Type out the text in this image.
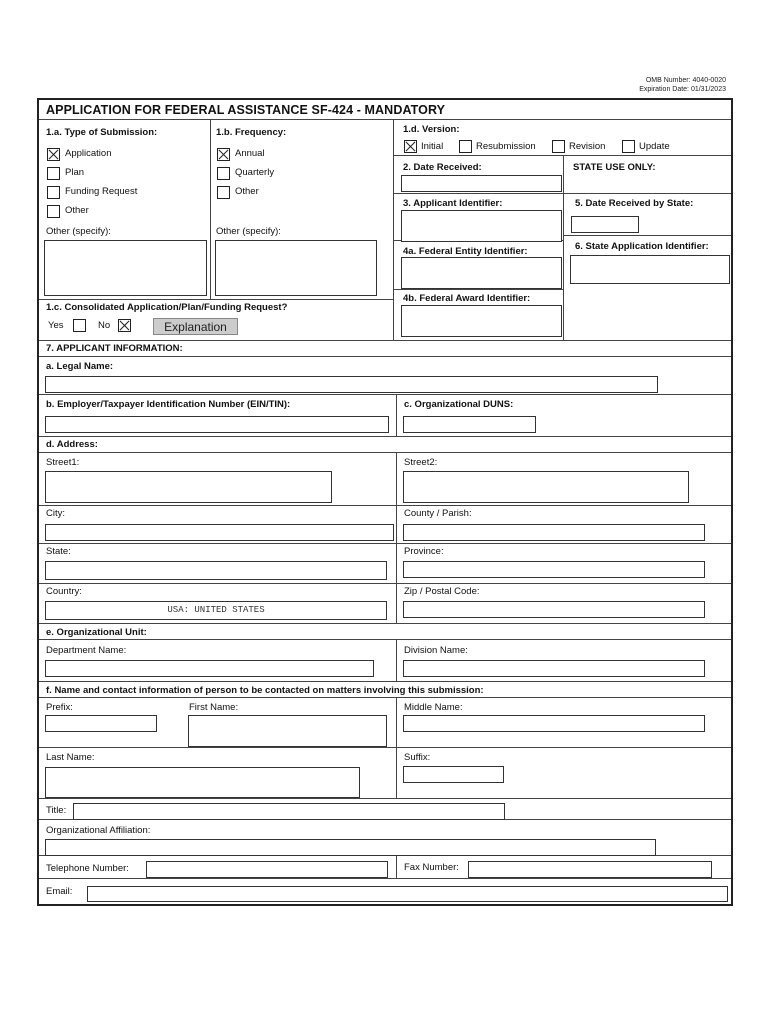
OMB Number: 4040-0020
Expiration Date: 01/31/2023
APPLICATION FOR FEDERAL ASSISTANCE SF-424 - MANDATORY
1.a. Type of Submission:
Application
Plan
Funding Request
Other
Other (specify):
1.b. Frequency:
Annual
Quarterly
Other
Other (specify):
1.c. Consolidated Application/Plan/Funding Request?
Yes	No	Explanation
1.d. Version:
Initial	Resubmission	Revision	Update
2. Date Received:	STATE USE ONLY:
3. Applicant Identifier:	5. Date Received by State:
4a. Federal Entity Identifier:	6. State Application Identifier:
4b. Federal Award Identifier:
7. APPLICANT INFORMATION:
a. Legal Name:
b. Employer/Taxpayer Identification Number (EIN/TIN):	c. Organizational DUNS:
d. Address:
Street1:	Street2:
City:	County / Parish:
State:	Province:
Country:
USA: UNITED STATES
Zip / Postal Code:
e. Organizational Unit:
Department Name:	Division Name:
f. Name and contact information of person to be contacted on matters involving this submission:
Prefix:	First Name:	Middle Name:
Last Name:	Suffix:
Title:
Organizational Affiliation:
Telephone Number:	Fax Number:
Email:
